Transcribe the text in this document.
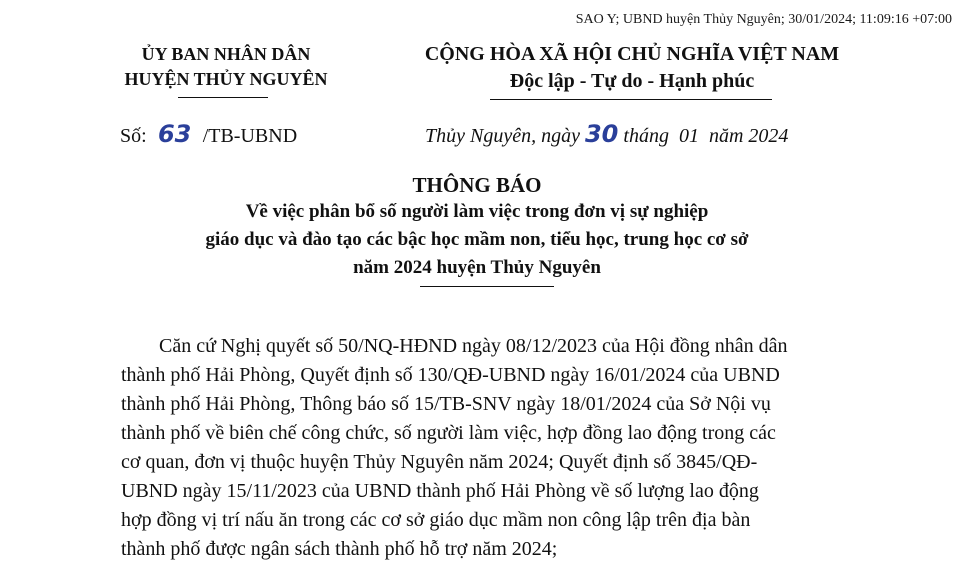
SAO Y; UBND huyện Thủy Nguyên; 30/01/2024; 11:09:16 +07:00
ỦY BAN NHÂN DÂN
HUYỆN THỦY NGUYÊN
CỘNG HÒA XÃ HỘI CHỦ NGHĨA VIỆT NAM
Độc lập - Tự do - Hạnh phúc
Số: 63 /TB-UBND	Thủy Nguyên, ngày 30 tháng 01 năm 2024
THÔNG BÁO
Về việc phân bổ số người làm việc trong đơn vị sự nghiệp
giáo dục và đào tạo các bậc học mầm non, tiểu học, trung học cơ sở
năm 2024 huyện Thủy Nguyên
Căn cứ Nghị quyết số 50/NQ-HĐND ngày 08/12/2023 của Hội đồng nhân dân
thành phố Hải Phòng, Quyết định số 130/QĐ-UBND ngày 16/01/2024 của UBND
thành phố Hải Phòng, Thông báo số 15/TB-SNV ngày 18/01/2024 của Sở Nội vụ
thành phố về biên chế công chức, số người làm việc, hợp đồng lao động trong các
cơ quan, đơn vị thuộc huyện Thủy Nguyên năm 2024; Quyết định số 3845/QĐ-
UBND ngày 15/11/2023 của UBND thành phố Hải Phòng về số lượng lao động
hợp đồng vị trí nấu ăn trong các cơ sở giáo dục mầm non công lập trên địa bàn
thành phố được ngân sách thành phố hỗ trợ năm 2024;
